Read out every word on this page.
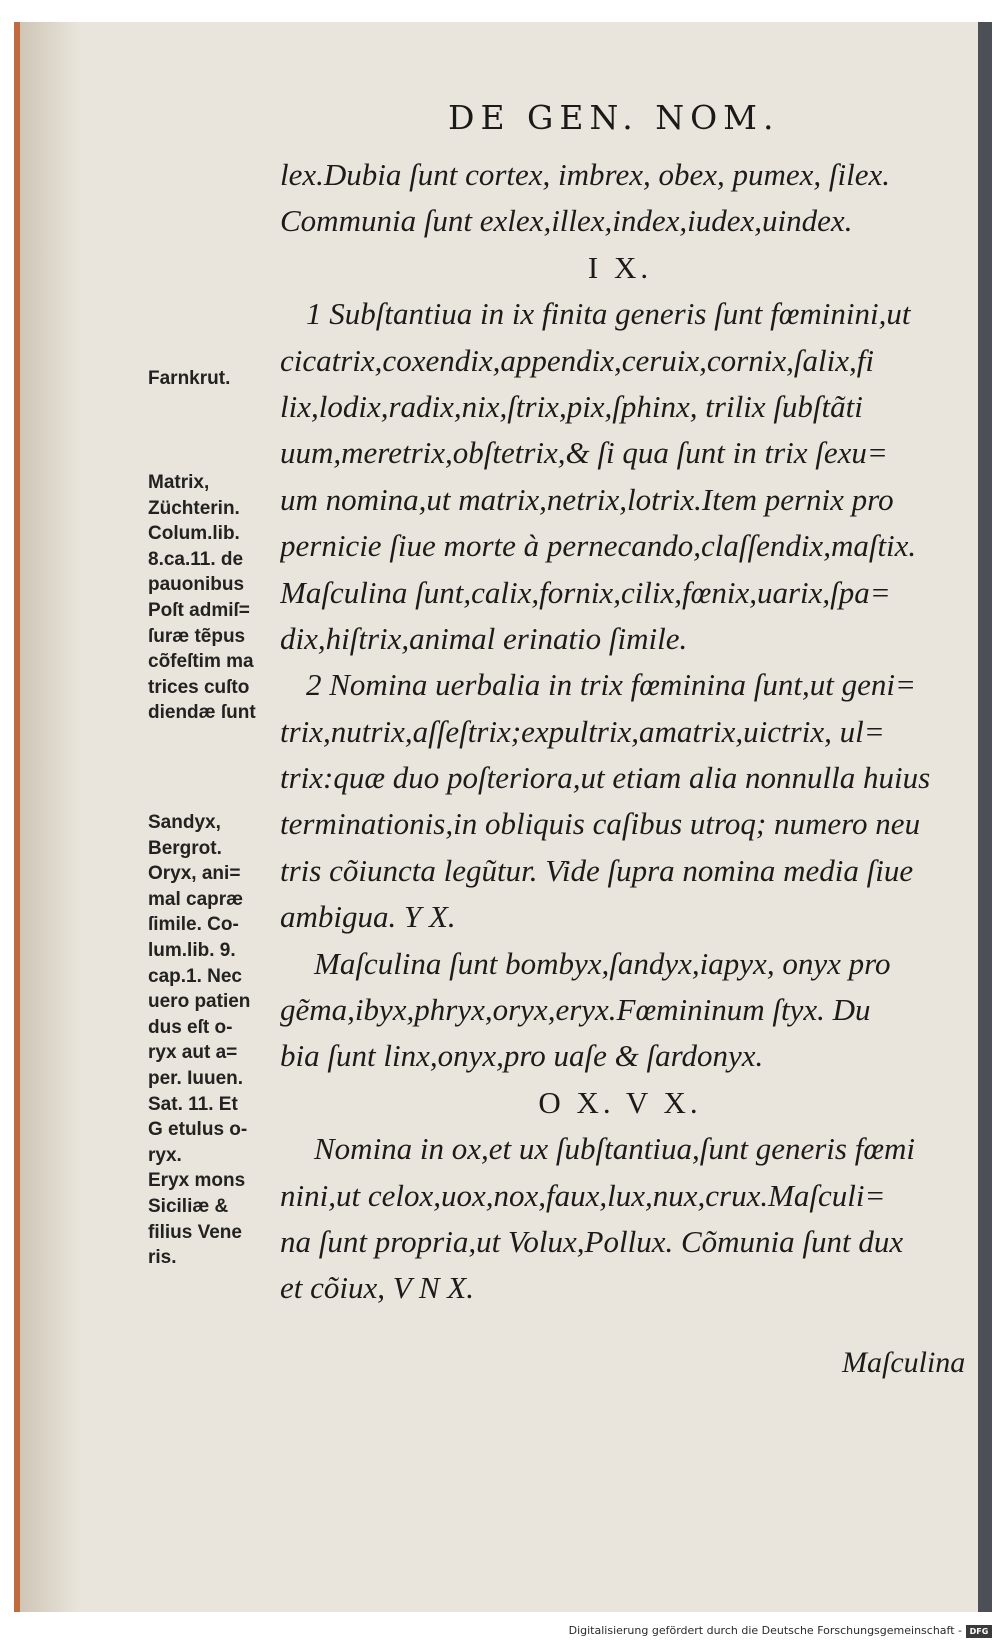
DE GEN. NOM.
lex.Dubia ſunt cortex, imbrex, obex, pumex, ſilex.
Communia ſunt exlex,illex,index,iudex,uindex.
I X.
1 Subſtantiua in ix finita generis ſunt fœminini,ut
cicatrix,coxendix,appendix,ceruix,cornix,ſalix,fi
lix,lodix,radix,nix,ſtrix,pix,ſphinx, trilix ſubſtãti
uum,meretrix,obſtetrix,& ſi qua ſunt in trix ſexu=
um nomina,ut matrix,netrix,lotrix.Item pernix pro
pernicie ſiue morte à pernecando,claſſendix,maſtix.
Maſculina ſunt,calix,fornix,cilix,fœnix,uarix,ſpa=
dix,hiſtrix,animal erinatio ſimile.
2 Nomina uerbalia in trix fœminina ſunt,ut geni=
trix,nutrix,aſſeſtrix;expultrix,amatrix,uictrix, ul=
trix:quæ duo poſteriora,ut etiam alia nonnulla huius
terminationis,in obliquis caſibus utroq; numero neu
tris cõiuncta legũtur. Vide ſupra nomina media ſiue
ambigua. Y X.
Maſculina ſunt bombyx,ſandyx,iapyx, onyx pro
gẽma,ibyx,phryx,oryx,eryx.Fœmininum ſtyx. Du
bia ſunt linx,onyx,pro uaſe & ſardonyx.
O X. V X.
Nomina in ox,et ux ſubſtantiua,ſunt generis fœmi
nini,ut celox,uox,nox,faux,lux,nux,crux.Maſculi=
na ſunt propria,ut Volux,Pollux. Cõmunia ſunt dux
et cõiux, V N X.
Maſculina
Farnkrut.
Matrix,
Züchterin.
Colum.lib.
8.ca.11. de
pauonibus
Poſt admiſ=
ſuræ tẽpus
cõfeſtim ma
trices cuſto
diendæ ſunt
Sandyx,
Bergrot.
Oryx, ani=
mal capræ
ſimile. Co-
lum.lib. 9.
cap.1. Nec
uero patien
dus eſt o-
ryx aut a=
per. Iuuen.
Sat. 11. Et
G etulus o-
ryx.
Eryx mons
Siciliæ &
filius Vene
ris.
Digitalisierung gefördert durch die Deutsche Forschungsgemeinschaft - DFG
